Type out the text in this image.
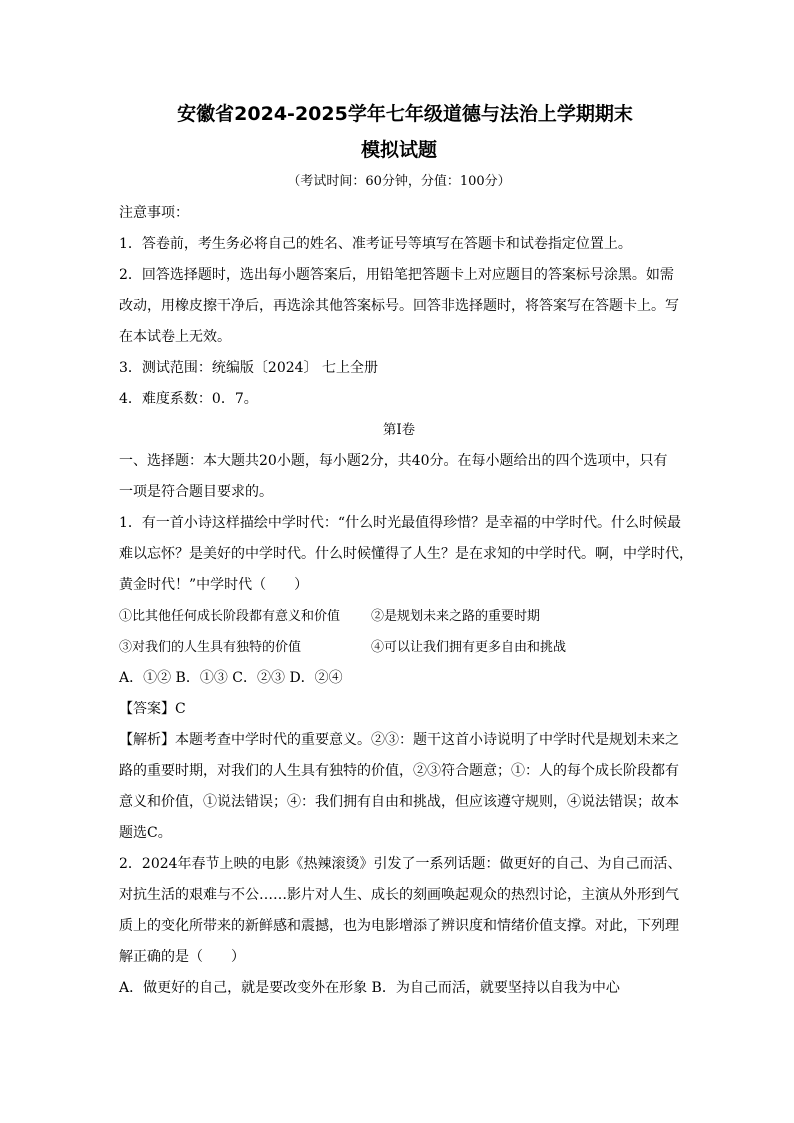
安徽省2024-2025学年七年级道德与法治上学期期末
模拟试题
（考试时间：60分钟，分值：100分）

注意事项：

1．答卷前，考生务必将自己的姓名、准考证号等填写在答题卡和试卷指定位置上。

2．回答选择题时，选出每小题答案后，用铅笔把答题卡上对应题目的答案标号涂黑。如需

改动，用橡皮擦干净后，再选涂其他答案标号。回答非选择题时，将答案写在答题卡上。写

在本试卷上无效。

3．测试范围：统编版〔2024〕 七上全册

4．难度系数：0．7。

第Ⅰ卷

一、选择题：本大题共20小题，每小题2分，共40分。在每小题给出的四个选项中，只有

一项是符合题目要求的。

1．有一首小诗这样描绘中学时代：“什么时光最值得珍惜？是幸福的中学时代。什么时候最

难以忘怀？是美好的中学时代。什么时候懂得了人生？是在求知的中学时代。啊，中学时代，

黄金时代！”中学时代（　　）

①比其他任何成长阶段都有意义和价值	②是规划未来之路的重要时期
③对我们的人生具有独特的价值	④可以让我们拥有更多自由和挑战

A．①② B．①③ C．②③ D．②④

【答案】C

【解析】本题考查中学时代的重要意义。②③：题干这首小诗说明了中学时代是规划未来之

路的重要时期，对我们的人生具有独特的价值，②③符合题意；①：人的每个成长阶段都有

意义和价值，①说法错误；④：我们拥有自由和挑战，但应该遵守规则，④说法错误；故本

题选C。

2．2024年春节上映的电影《热辣滚烫》引发了一系列话题：做更好的自己、为自己而活、

对抗生活的艰难与不公……影片对人生、成长的刻画唤起观众的热烈讨论，主演从外形到气

质上的变化所带来的新鲜感和震撼，也为电影增添了辨识度和情绪价值支撑。对此，下列理

解正确的是（　　）

A．做更好的自己，就是要改变外在形象 B．为自己而活，就要坚持以自我为中心
